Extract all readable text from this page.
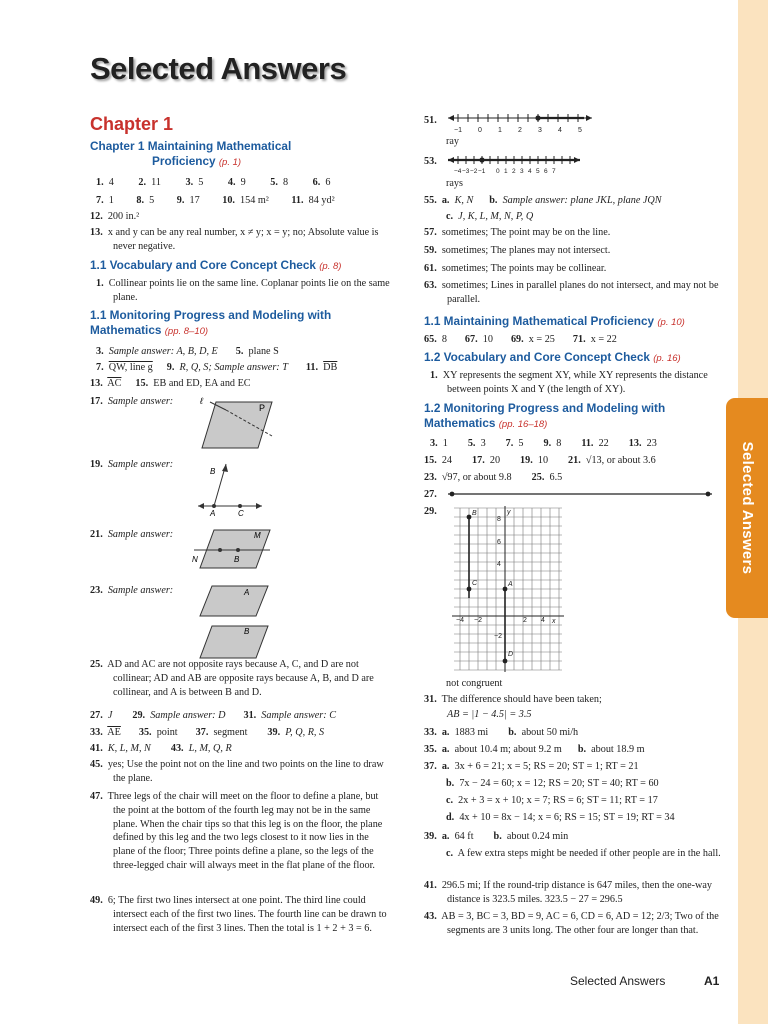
Selected Answers
Selected Answers
Chapter 1
Chapter 1 Maintaining Mathematical
Proficiency (p. 1)
1. 4 2. 11 3. 5 4. 9 5. 8 6. 6
7. 1 8. 5 9. 17 10. 154 m² 11. 84 yd²
12. 200 in.²
13. x and y can be any real number, x ≠ y; x = y; no; Absolute value is never negative.
1.1 Vocabulary and Core Concept Check (p. 8)
1. Collinear points lie on the same line. Coplanar points lie on the same plane.
1.1 Monitoring Progress and Modeling with
Mathematics (pp. 8–10)
3. Sample answer: A, B, D, E 5. plane S
7. QW, line g 9. R, Q, S; Sample answer: T 11. $\overline{DB}$
13. $\overline{AC}$ 15. EB and ED, EA and EC
17. Sample answer:	ℓ
P
19. Sample answer:
A	C
B
21. Sample answer:	M
N	B
23. Sample answer:	A
B
25. AD and AC are not opposite rays because A, C, and D are not collinear; AD and AB are opposite rays because A, B, and D are collinear, and A is between B and D.
27. J 29. Sample answer: D 31. Sample answer: C
33. $\overline{AE}$ 35. point 37. segment 39. P, Q, R, S
41. K, L, M, N 43. L, M, Q, R
45. yes; Use the point not on the line and two points on the line to draw the plane.
47. Three legs of the chair will meet on the floor to define a plane, but the point at the bottom of the fourth leg may not be in the same plane. When the chair tips so that this leg is on the floor, the plane defined by this leg and the two legs closest to it now lies in the plane of the floor; Three points define a plane, so the legs of the three-legged chair will always meet in the flat plane of the floor.
49. 6; The first two lines intersect at one point. The third line could intersect each of the first two lines. The fourth line can be drawn to intersect each of the first 3 lines. Then the total is 1 + 2 + 3 = 6.
51.
−1 0 1 2 3 4 5
ray
53.
−4 −3 −2 −1 0 1 2 3 4 5 6 7
rays
55. a. K, N b. Sample answer: plane JKL, plane JQN
c. J, K, L, M, N, P, Q
57. sometimes; The point may be on the line.
59. sometimes; The planes may not intersect.
61. sometimes; The points may be collinear.
63. sometimes; Lines in parallel planes do not intersect, and may not be parallel.
1.1 Maintaining Mathematical Proficiency (p. 10)
65. 8 67. 10 69. x = 25 71. x = 22
1.2 Vocabulary and Core Concept Check (p. 16)
1. XY represents the segment XY, while XY represents the distance between points X and Y (the length of XY).
1.2 Monitoring Progress and Modeling with
Mathematics (pp. 16–18)
3. 1 5. 3 7. 5 9. 8 11. 22 13. 23
15. 24 17. 20 19. 10 21. √13, or about 3.6
23. √97, or about 9.8 25. 6.5
27.
29.	B	y
8
6
4
C	A
−4 −2	2 4 x
−2
D
not congruent
31. The difference should have been taken;
AB = |1 − 4.5| = 3.5
33. a. 1883 mi b. about 50 mi/h
35. a. about 10.4 m; about 9.2 m b. about 18.9 m
37. a. 3x + 6 = 21; x = 5; RS = 20; ST = 1; RT = 21
b. 7x − 24 = 60; x = 12; RS = 20; ST = 40; RT = 60
c. 2x + 3 = x + 10; x = 7; RS = 6; ST = 11; RT = 17
d. 4x + 10 = 8x − 14; x = 6; RS = 15; ST = 19; RT = 34
39. a. 64 ft b. about 0.24 min
c. A few extra steps might be needed if other people are in the hall.
41. 296.5 mi; If the round-trip distance is 647 miles, then the one-way distance is 323.5 miles. 323.5 − 27 = 296.5
43. AB = 3, BC = 3, BD = 9, AC = 6, CD = 6, AD = 12; 2/3; Two of the segments are 3 units long. The other four are longer than that.
Selected Answers	A1
